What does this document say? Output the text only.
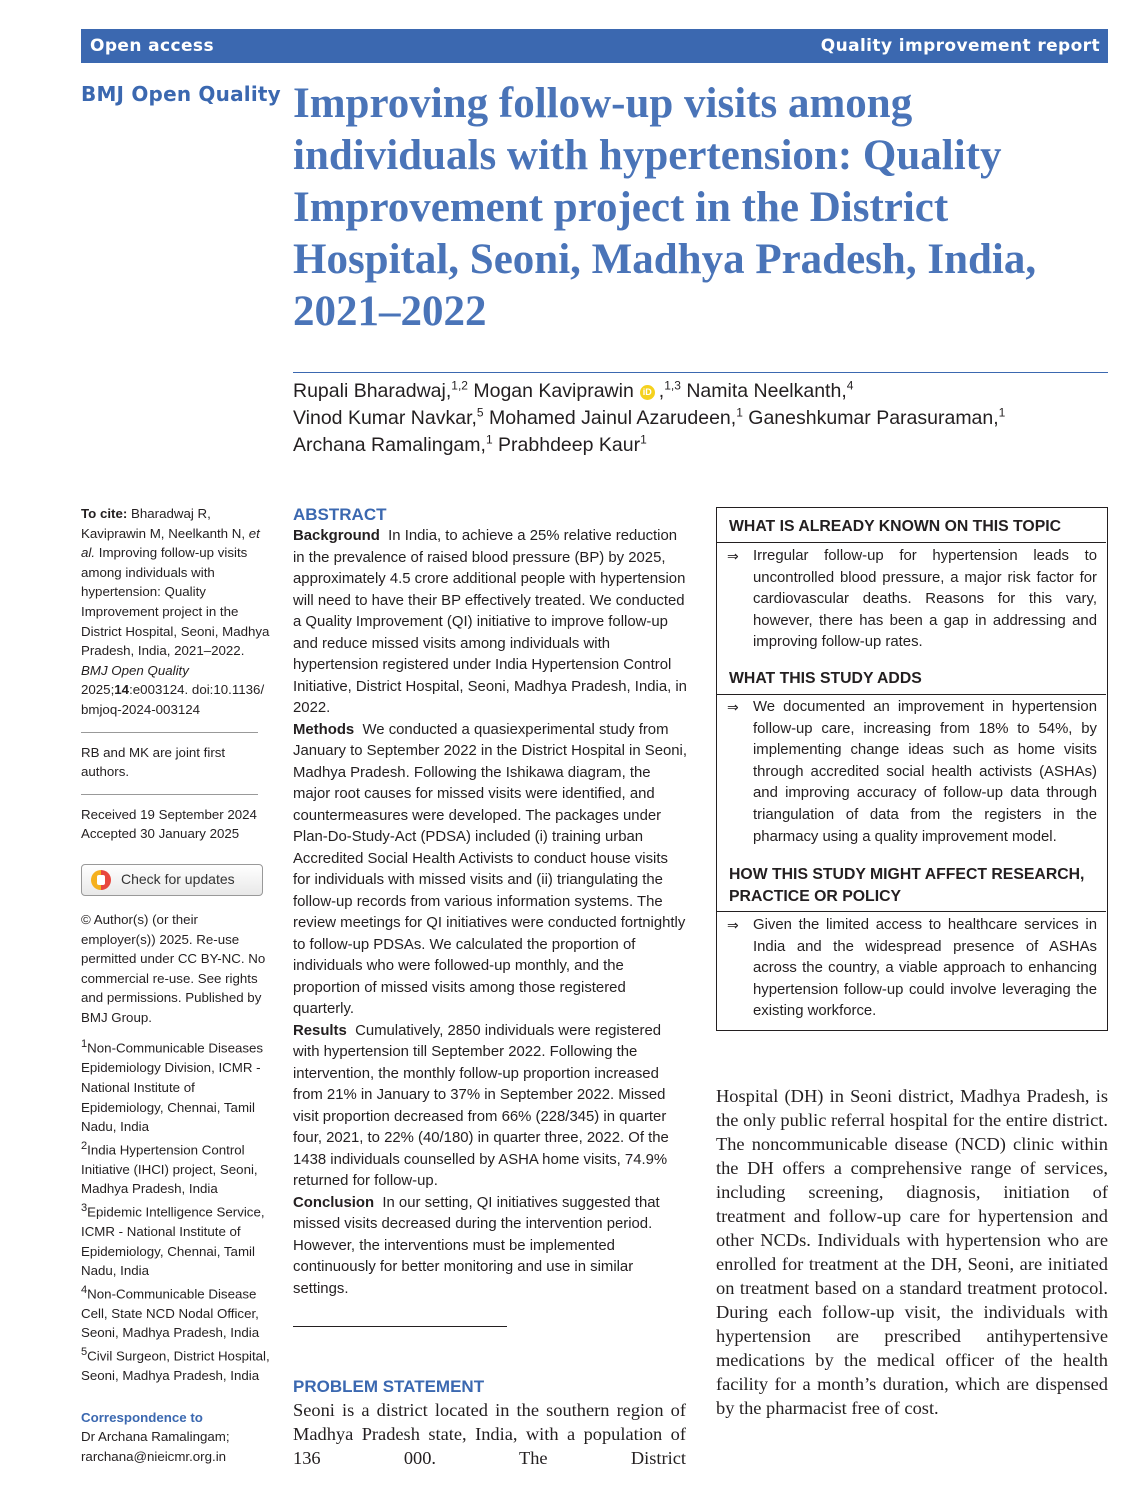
Open access	Quality improvement report
BMJ Open Quality Improving follow-up visits among individuals with hypertension: Quality Improvement project in the District Hospital, Seoni, Madhya Pradesh, India, 2021–2022
Rupali Bharadwaj,$^{1,2}$ Mogan Kaviprawin iD ,$^{1,3}$ Namita Neelkanth,$^4$
Vinod Kumar Navkar,$^5$ Mohamed Jainul Azarudeen,$^1$ Ganeshkumar Parasuraman,$^1$
Archana Ramalingam,$^1$ Prabhdeep Kaur$^1$

To cite: Bharadwaj R, Kaviprawin M, Neelkanth N, et al. Improving follow-up visits among individuals with hypertension: Quality Improvement project in the District Hospital, Seoni, Madhya Pradesh, India, 2021–2022. BMJ Open Quality 2025;14:e003124. doi:10.1136/ bmjoq-2024-003124

RB and MK are joint first authors.

Received 19 September 2024

Accepted 30 January 2025

Check for updates

© Author(s) (or their employer(s)) 2025. Re-use permitted under CC BY-NC. No commercial re-use. See rights and permissions. Published by BMJ Group.

$^1$Non-Communicable Diseases Epidemiology Division, ICMR - National Institute of Epidemiology, Chennai, Tamil Nadu, India

$^2$India Hypertension Control Initiative (IHCI) project, Seoni, Madhya Pradesh, India

$^3$Epidemic Intelligence Service, ICMR - National Institute of Epidemiology, Chennai, Tamil Nadu, India

$^4$Non-Communicable Disease Cell, State NCD Nodal Officer, Seoni, Madhya Pradesh, India

$^5$Civil Surgeon, District Hospital, Seoni, Madhya Pradesh, India

Correspondence to

Dr Archana Ramalingam;

rarchana@nieicmr.org.in

ABSTRACT

Background In India, to achieve a 25% relative reduction in the prevalence of raised blood pressure (BP) by 2025, approximately 4.5 crore additional people with hypertension will need to have their BP effectively treated. We conducted a Quality Improvement (QI) initiative to improve follow-up and reduce missed visits among individuals with hypertension registered under India Hypertension Control Initiative, District Hospital, Seoni, Madhya Pradesh, India, in 2022.

Methods We conducted a quasiexperimental study from January to September 2022 in the District Hospital in Seoni, Madhya Pradesh. Following the Ishikawa diagram, the major root causes for missed visits were identified, and countermeasures were developed. The packages under Plan-Do-Study-Act (PDSA) included (i) training urban Accredited Social Health Activists to conduct house visits for individuals with missed visits and (ii) triangulating the follow-up records from various information systems. The review meetings for QI initiatives were conducted fortnightly to follow-up PDSAs. We calculated the proportion of individuals who were followed-up monthly, and the proportion of missed visits among those registered quarterly.

Results Cumulatively, 2850 individuals were registered with hypertension till September 2022. Following the intervention, the monthly follow-up proportion increased from 21% in January to 37% in September 2022. Missed visit proportion decreased from 66% (228/345) in quarter four, 2021, to 22% (40/180) in quarter three, 2022. Of the 1438 individuals counselled by ASHA home visits, 74.9% returned for follow-up.

Conclusion In our setting, QI initiatives suggested that missed visits decreased during the intervention period. However, the interventions must be implemented continuously for better monitoring and use in similar settings.

PROBLEM STATEMENT
Seoni is a district located in the southern region of Madhya Pradesh state, India, with a population of 136 000. The District
WHAT IS ALREADY KNOWN ON THIS TOPIC
⇒ Irregular follow-up for hypertension leads to uncontrolled blood pressure, a major risk factor for cardiovascular deaths. Reasons for this vary, however, there has been a gap in addressing and improving follow-up rates.
WHAT THIS STUDY ADDS
⇒ We documented an improvement in hypertension follow-up care, increasing from 18% to 54%, by implementing change ideas such as home visits through accredited social health activists (ASHAs) and improving accuracy of follow-up data through triangulation of data from the registers in the pharmacy using a quality improvement model.
HOW THIS STUDY MIGHT AFFECT RESEARCH,
PRACTICE OR POLICY
⇒ Given the limited access to healthcare services in India and the widespread presence of ASHAs across the country, a viable approach to enhancing hypertension follow-up could involve leveraging the existing workforce.
Hospital (DH) in Seoni district, Madhya Pradesh, is the only public referral hospital for the entire district. The noncommunicable disease (NCD) clinic within the DH offers a comprehensive range of services, including screening, diagnosis, initiation of treatment and follow-up care for hypertension and other NCDs. Individuals with hypertension who are enrolled for treatment at the DH, Seoni, are initiated on treatment based on a standard treatment protocol. During each follow-up visit, the individuals with hypertension are prescribed antihypertensive medications by the medical officer of the health facility for a month’s duration, which are dispensed by the pharmacist free of cost.
